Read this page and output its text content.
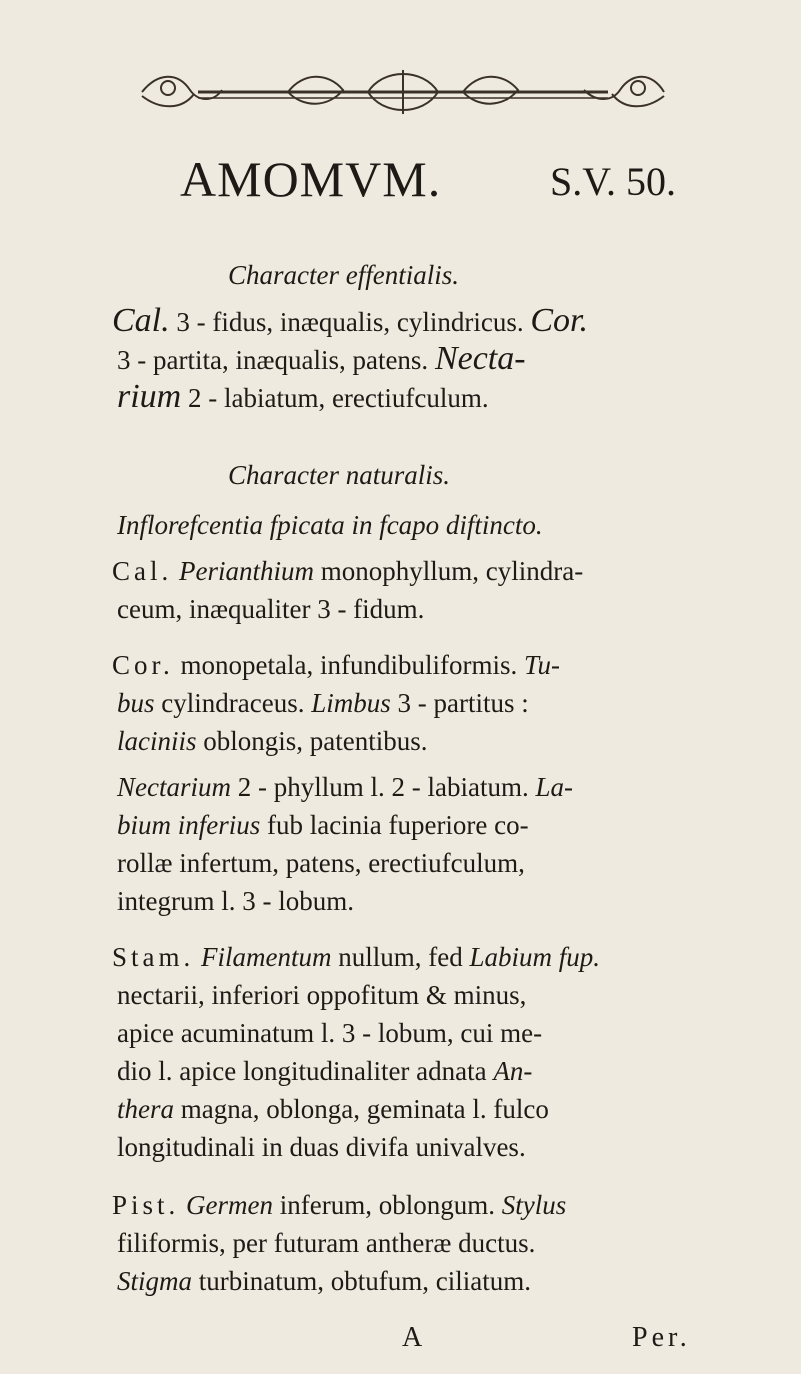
AMOMVM.	S.V. 50.
Character effentialis.
Cal. 3 - fidus, inæqualis, cylindricus. Cor.
3 - partita, inæqualis, patens. Necta-
rium 2 - labiatum, erectiufculum.
Character naturalis.
Inflorefcentia fpicata in fcapo diftincto.
Cal. Perianthium monophyllum, cylindra-
ceum, inæqualiter 3 - fidum.
Cor. monopetala, infundibuliformis. Tu-
bus cylindraceus. Limbus 3 - partitus :
laciniis oblongis, patentibus.
Nectarium 2 - phyllum l. 2 - labiatum. La-
bium inferius fub lacinia fuperiore co-
rollæ infertum, patens, erectiufculum,
integrum l. 3 - lobum.
Stam. Filamentum nullum, fed Labium fup.
nectarii, inferiori oppofitum & minus,
apice acuminatum l. 3 - lobum, cui me-
dio l. apice longitudinaliter adnata An-
thera magna, oblonga, geminata l. fulco
longitudinali in duas divifa univalves.
Pist. Germen inferum, oblongum. Stylus
filiformis, per futuram antheræ ductus.
Stigma turbinatum, obtufum, ciliatum.
A	Per.
